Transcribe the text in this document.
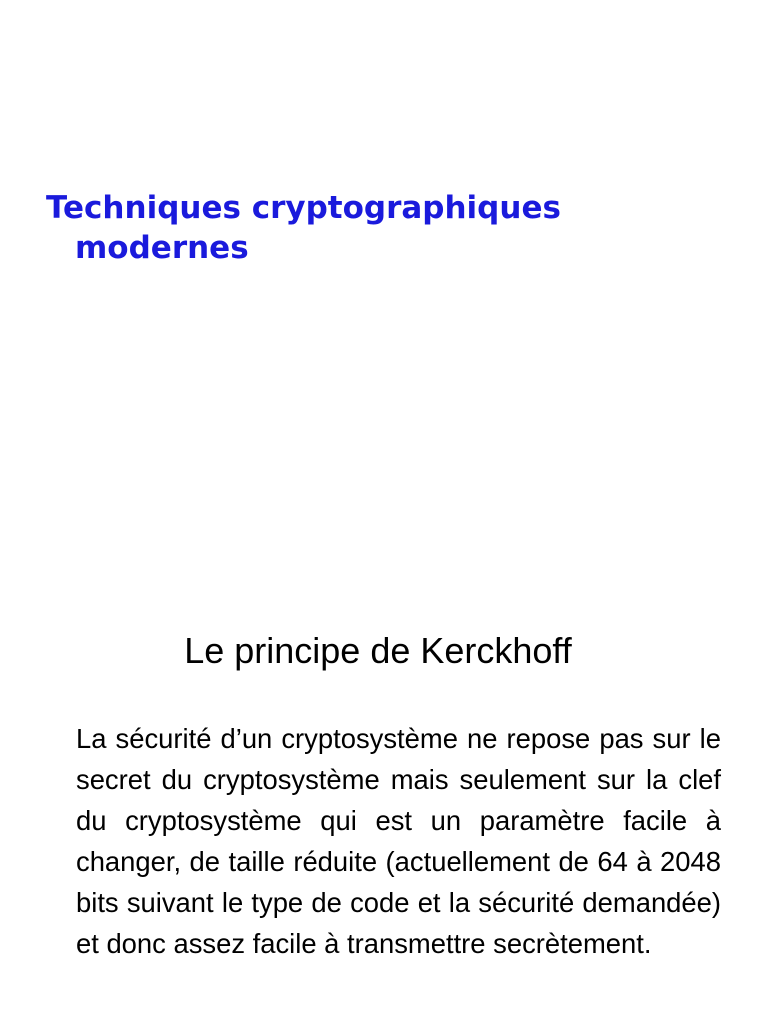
Techniques cryptographiques modernes
Le principe de Kerckhoff

La sécurité d’un cryptosystème ne repose pas sur le secret du cryptosystème mais seulement sur la clef du cryptosystème qui est un paramètre facile à changer, de taille réduite (actuellement de 64 à 2048 bits suivant le type de code et la sécurité demandée) et donc assez facile à transmettre secrètement.
